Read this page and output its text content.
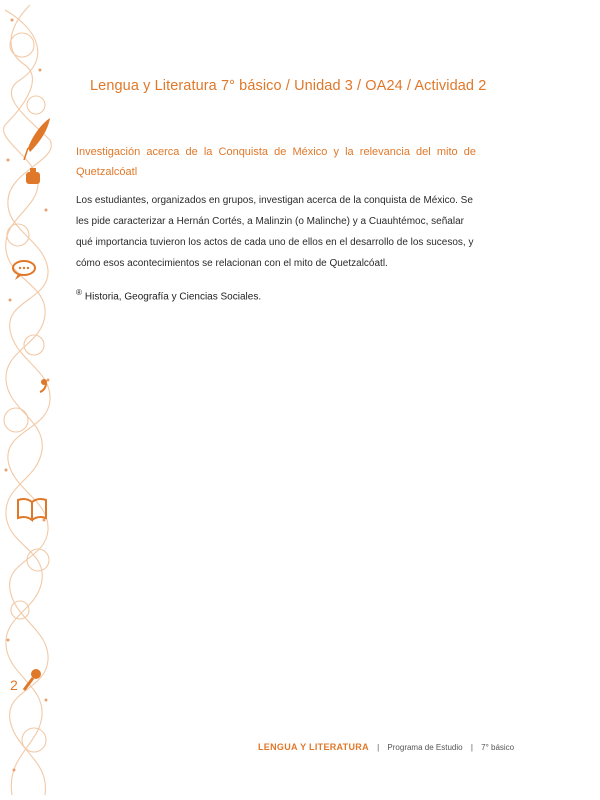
2
Lengua y Literatura 7° básico / Unidad 3 / OA24 / Actividad 2
Investigación acerca de la Conquista de México y la relevancia del mito de Quetzalcóatl

Los estudiantes, organizados en grupos, investigan acerca de la conquista de México. Se les pide caracterizar a Hernán Cortés, a Malinzin (o Malinche) y a Cuauhtémoc, señalar qué importancia tuvieron los actos de cada uno de ellos en el desarrollo de los sucesos, y cómo esos acontecimientos se relacionan con el mito de Quetzalcóatl.

® Historia, Geografía y Ciencias Sociales.
LENGUA Y LITERATURA | Programa de Estudio | 7° básico
